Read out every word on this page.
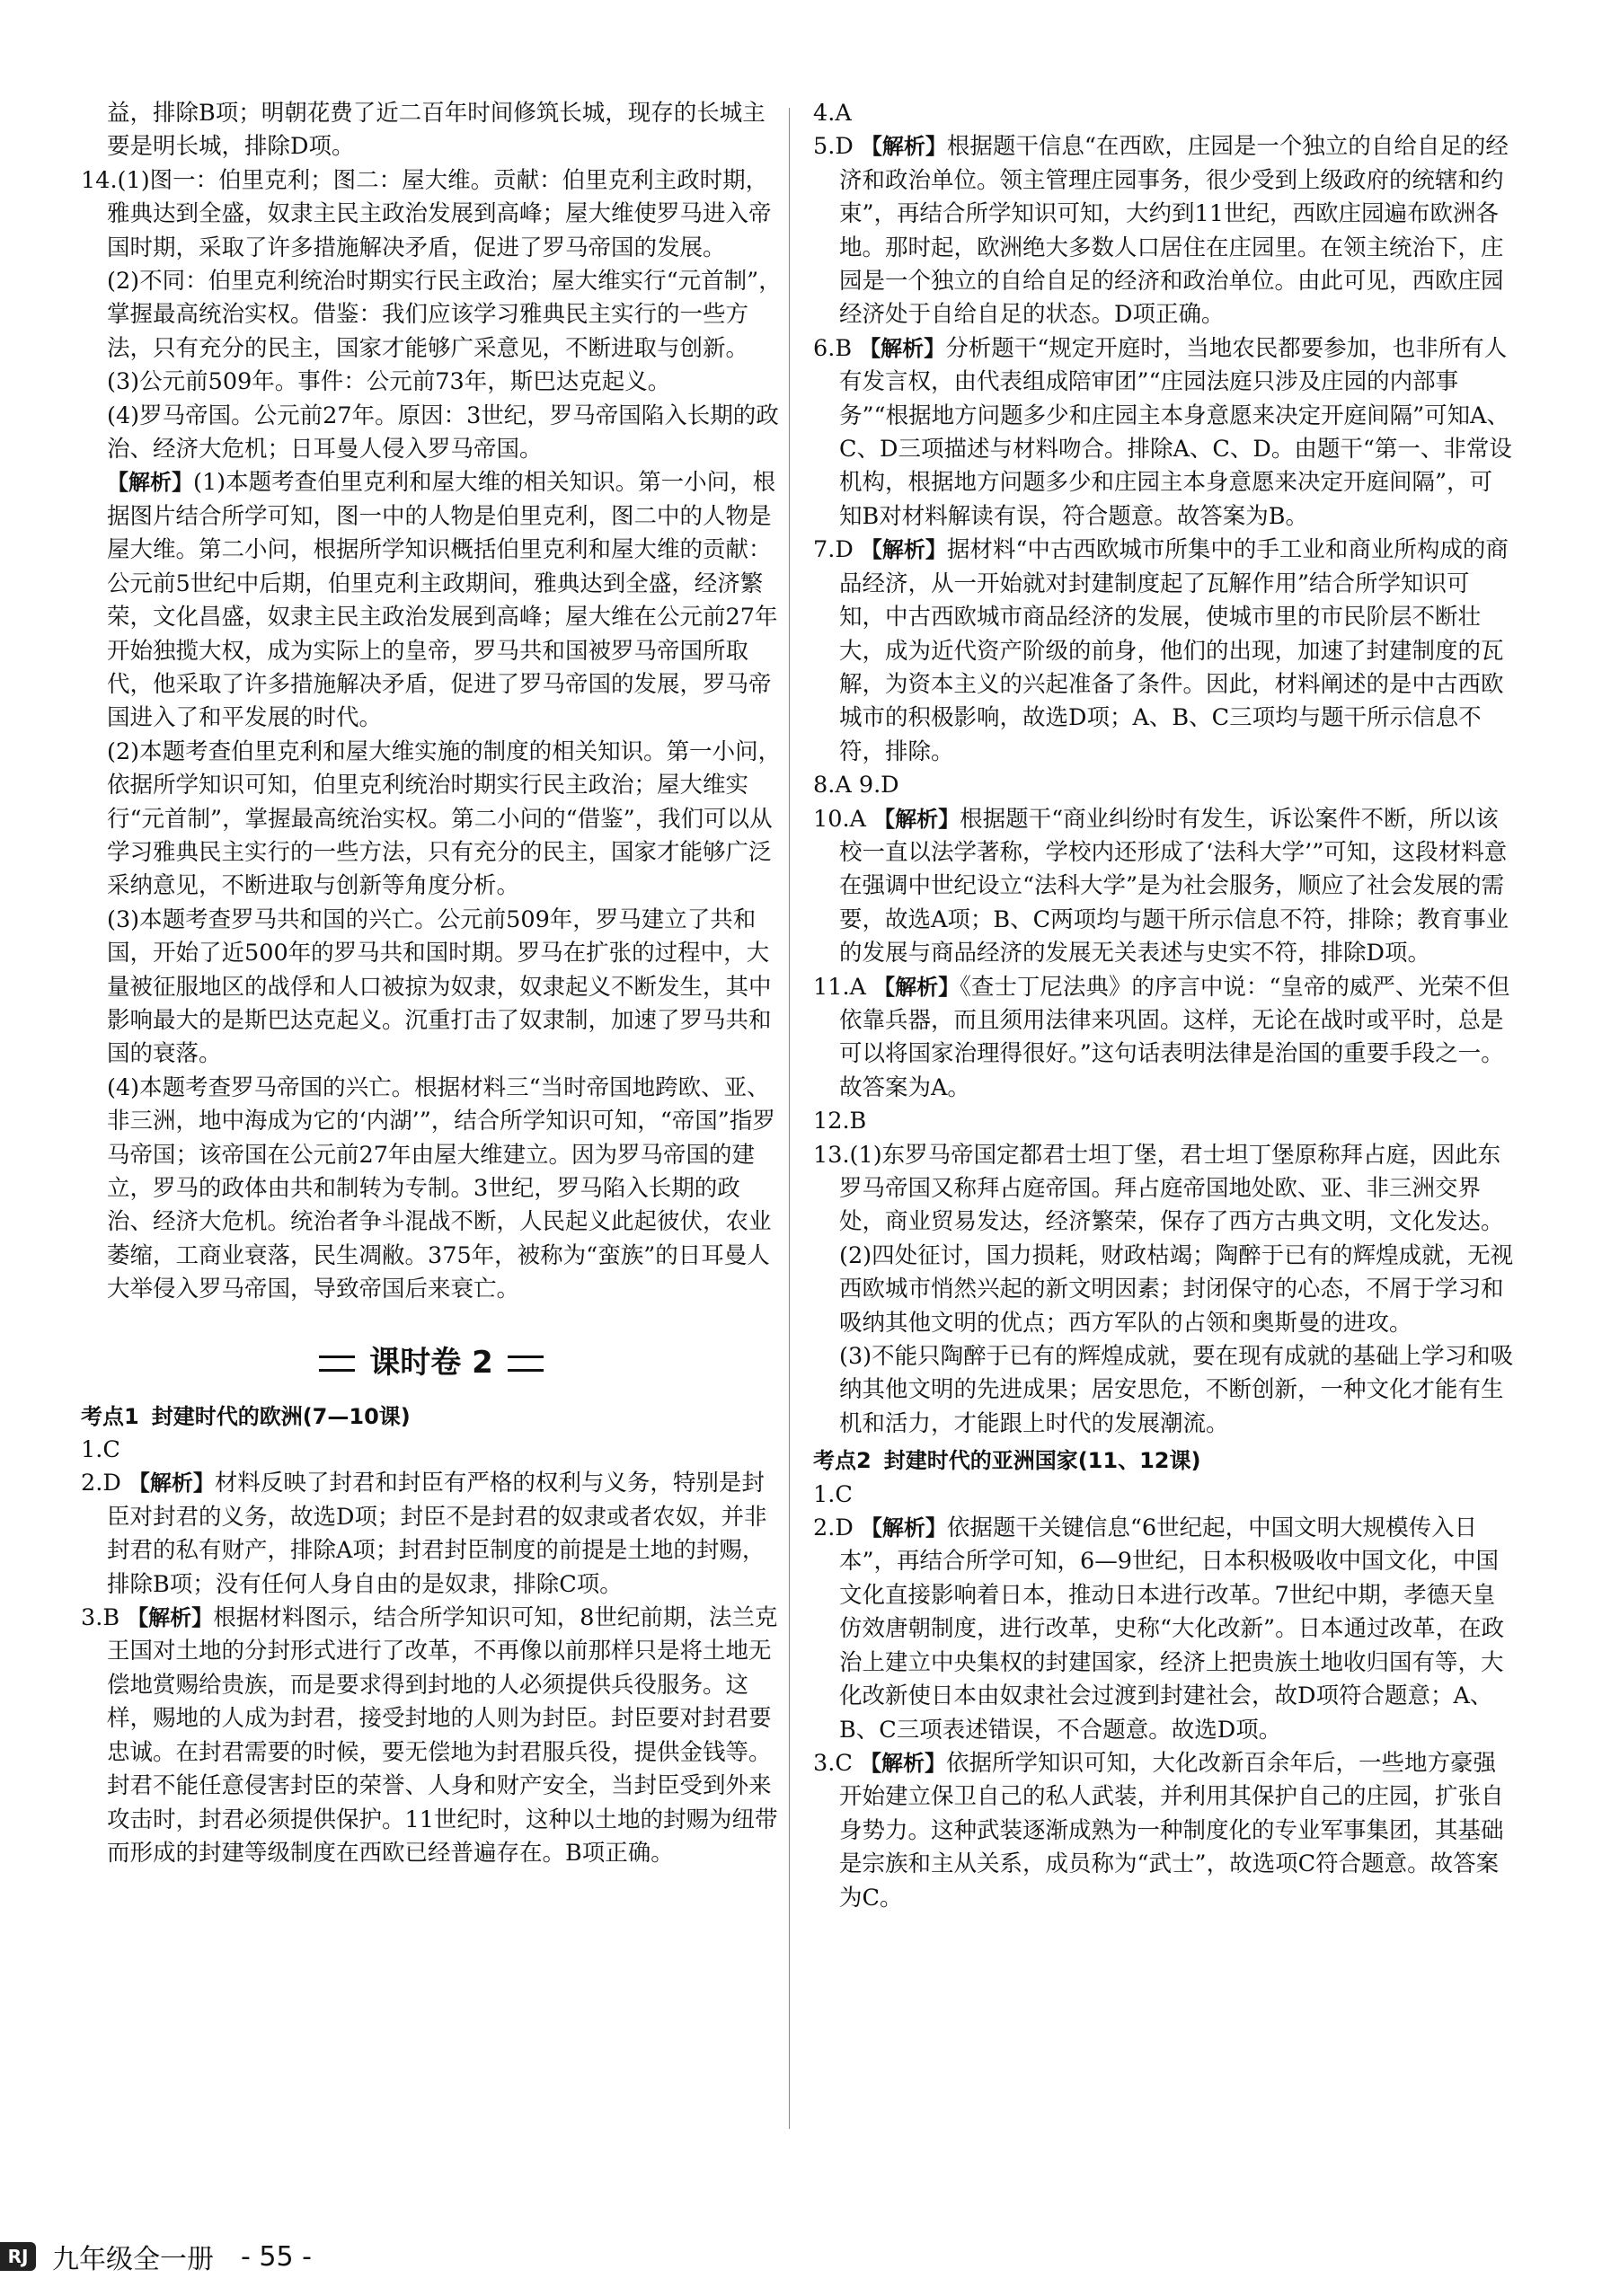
益，排除B项；明朝花费了近二百年时间修筑长城，现存的长城主要是明长城，排除D项。

14.(1)图一：伯里克利；图二：屋大维。贡献：伯里克利主政时期，雅典达到全盛，奴隶主民主政治发展到高峰；屋大维使罗马进入帝国时期，采取了许多措施解决矛盾，促进了罗马帝国的发展。

(2)不同：伯里克利统治时期实行民主政治；屋大维实行“元首制”，掌握最高统治实权。借鉴：我们应该学习雅典民主实行的一些方法，只有充分的民主，国家才能够广采意见，不断进取与创新。

(3)公元前509年。事件：公元前73年，斯巴达克起义。

(4)罗马帝国。公元前27年。原因：3世纪，罗马帝国陷入长期的政治、经济大危机；日耳曼人侵入罗马帝国。

【解析】(1)本题考查伯里克利和屋大维的相关知识。第一小问，根据图片结合所学可知，图一中的人物是伯里克利，图二中的人物是屋大维。第二小问，根据所学知识概括伯里克利和屋大维的贡献：公元前5世纪中后期，伯里克利主政期间，雅典达到全盛，经济繁荣，文化昌盛，奴隶主民主政治发展到高峰；屋大维在公元前27年开始独揽大权，成为实际上的皇帝，罗马共和国被罗马帝国所取代，他采取了许多措施解决矛盾，促进了罗马帝国的发展，罗马帝国进入了和平发展的时代。

(2)本题考查伯里克利和屋大维实施的制度的相关知识。第一小问，依据所学知识可知，伯里克利统治时期实行民主政治；屋大维实行“元首制”，掌握最高统治实权。第二小问的“借鉴”，我们可以从学习雅典民主实行的一些方法，只有充分的民主，国家才能够广泛采纳意见，不断进取与创新等角度分析。

(3)本题考查罗马共和国的兴亡。公元前509年，罗马建立了共和国，开始了近500年的罗马共和国时期。罗马在扩张的过程中，大量被征服地区的战俘和人口被掠为奴隶，奴隶起义不断发生，其中影响最大的是斯巴达克起义。沉重打击了奴隶制，加速了罗马共和国的衰落。

(4)本题考查罗马帝国的兴亡。根据材料三“当时帝国地跨欧、亚、非三洲，地中海成为它的‘内湖’”，结合所学知识可知，“帝国”指罗马帝国；该帝国在公元前27年由屋大维建立。因为罗马帝国的建立，罗马的政体由共和制转为专制。3世纪，罗马陷入长期的政治、经济大危机。统治者争斗混战不断，人民起义此起彼伏，农业萎缩，工商业衰落，民生凋敝。375年，被称为“蛮族”的日耳曼人大举侵入罗马帝国，导致帝国后来衰亡。

课时卷 2

考点1 封建时代的欧洲(7—10课)

1.C

2.D 【解析】材料反映了封君和封臣有严格的权利与义务，特别是封臣对封君的义务，故选D项；封臣不是封君的奴隶或者农奴，并非封君的私有财产，排除A项；封君封臣制度的前提是土地的封赐，排除B项；没有任何人身自由的是奴隶，排除C项。

3.B 【解析】根据材料图示，结合所学知识可知，8世纪前期，法兰克王国对土地的分封形式进行了改革，不再像以前那样只是将土地无偿地赏赐给贵族，而是要求得到封地的人必须提供兵役服务。这样，赐地的人成为封君，接受封地的人则为封臣。封臣要对封君要忠诚。在封君需要的时候，要无偿地为封君服兵役，提供金钱等。封君不能任意侵害封臣的荣誉、人身和财产安全，当封臣受到外来攻击时，封君必须提供保护。11世纪时，这种以土地的封赐为纽带而形成的封建等级制度在西欧已经普遍存在。B项正确。

4.A

5.D 【解析】根据题干信息“在西欧，庄园是一个独立的自给自足的经济和政治单位。领主管理庄园事务，很少受到上级政府的统辖和约束”，再结合所学知识可知，大约到11世纪，西欧庄园遍布欧洲各地。那时起，欧洲绝大多数人口居住在庄园里。在领主统治下，庄园是一个独立的自给自足的经济和政治单位。由此可见，西欧庄园经济处于自给自足的状态。D项正确。

6.B 【解析】分析题干“规定开庭时，当地农民都要参加，也非所有人有发言权，由代表组成陪审团”“庄园法庭只涉及庄园的内部事务”“根据地方问题多少和庄园主本身意愿来决定开庭间隔”可知A、C、D三项描述与材料吻合。排除A、C、D。由题干“第一、非常设机构，根据地方问题多少和庄园主本身意愿来决定开庭间隔”，可知B对材料解读有误，符合题意。故答案为B。

7.D 【解析】据材料“中古西欧城市所集中的手工业和商业所构成的商品经济，从一开始就对封建制度起了瓦解作用”结合所学知识可知，中古西欧城市商品经济的发展，使城市里的市民阶层不断壮大，成为近代资产阶级的前身，他们的出现，加速了封建制度的瓦解，为资本主义的兴起准备了条件。因此，材料阐述的是中古西欧城市的积极影响，故选D项；A、B、C三项均与题干所示信息不符，排除。

8.A 9.D

10.A 【解析】根据题干“商业纠纷时有发生，诉讼案件不断，所以该校一直以法学著称，学校内还形成了‘法科大学’”可知，这段材料意在强调中世纪设立“法科大学”是为社会服务，顺应了社会发展的需要，故选A项；B、C两项均与题干所示信息不符，排除；教育事业的发展与商品经济的发展无关表述与史实不符，排除D项。

11.A 【解析】《查士丁尼法典》的序言中说：“皇帝的威严、光荣不但依靠兵器，而且须用法律来巩固。这样，无论在战时或平时，总是可以将国家治理得很好。”这句话表明法律是治国的重要手段之一。故答案为A。

12.B

13.(1)东罗马帝国定都君士坦丁堡，君士坦丁堡原称拜占庭，因此东罗马帝国又称拜占庭帝国。拜占庭帝国地处欧、亚、非三洲交界处，商业贸易发达，经济繁荣，保存了西方古典文明，文化发达。

(2)四处征讨，国力损耗，财政枯竭；陶醉于已有的辉煌成就，无视西欧城市悄然兴起的新文明因素；封闭保守的心态，不屑于学习和吸纳其他文明的优点；西方军队的占领和奥斯曼的进攻。

(3)不能只陶醉于已有的辉煌成就，要在现有成就的基础上学习和吸纳其他文明的先进成果；居安思危，不断创新，一种文化才能有生机和活力，才能跟上时代的发展潮流。

考点2 封建时代的亚洲国家(11、12课)

1.C

2.D 【解析】依据题干关键信息“6世纪起，中国文明大规模传入日本”，再结合所学可知，6—9世纪，日本积极吸收中国文化，中国文化直接影响着日本，推动日本进行改革。7世纪中期，孝德天皇仿效唐朝制度，进行改革，史称“大化改新”。日本通过改革，在政治上建立中央集权的封建国家，经济上把贵族土地收归国有等，大化改新使日本由奴隶社会过渡到封建社会，故D项符合题意；A、B、C三项表述错误，不合题意。故选D项。

3.C 【解析】依据所学知识可知，大化改新百余年后，一些地方豪强开始建立保卫自己的私人武装，并利用其保护自己的庄园，扩张自身势力。这种武装逐渐成熟为一种制度化的专业军事集团，其基础是宗族和主从关系，成员称为“武士”，故选项C符合题意。故答案为C。

RJ 九年级全一册 - 55 -
